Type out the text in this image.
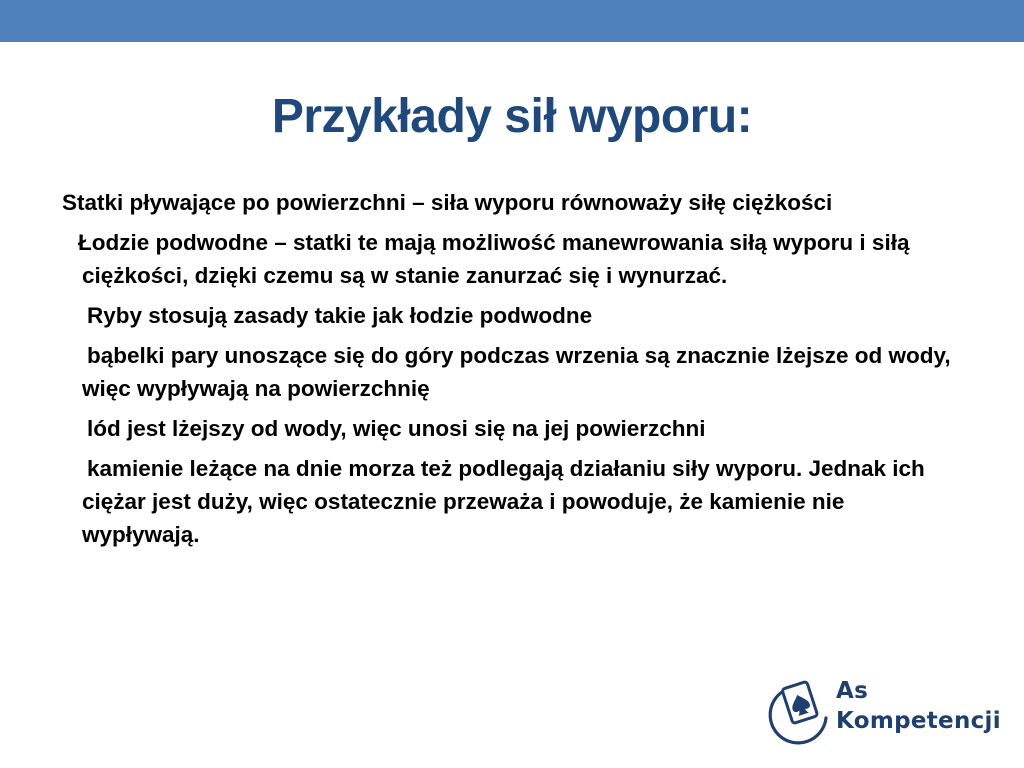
Przykłady sił wyporu:
Statki pływające po powierzchni – siła wyporu równoważy siłę ciężkości
Łodzie podwodne – statki te mają możliwość manewrowania siłą wyporu i siłą ciężkości, dzięki czemu są w stanie zanurzać się i wynurzać.
Ryby stosują zasady takie jak łodzie podwodne
bąbelki pary unoszące się do góry podczas wrzenia są znacznie lżejsze od wody, więc wypływają na powierzchnię
lód jest lżejszy od wody, więc unosi się na jej powierzchni
kamienie leżące na dnie morza też podlegają działaniu siły wyporu. Jednak ich ciężar jest duży, więc ostatecznie przeważa i powoduje, że kamienie nie wypływają.
As
Kompetencji
